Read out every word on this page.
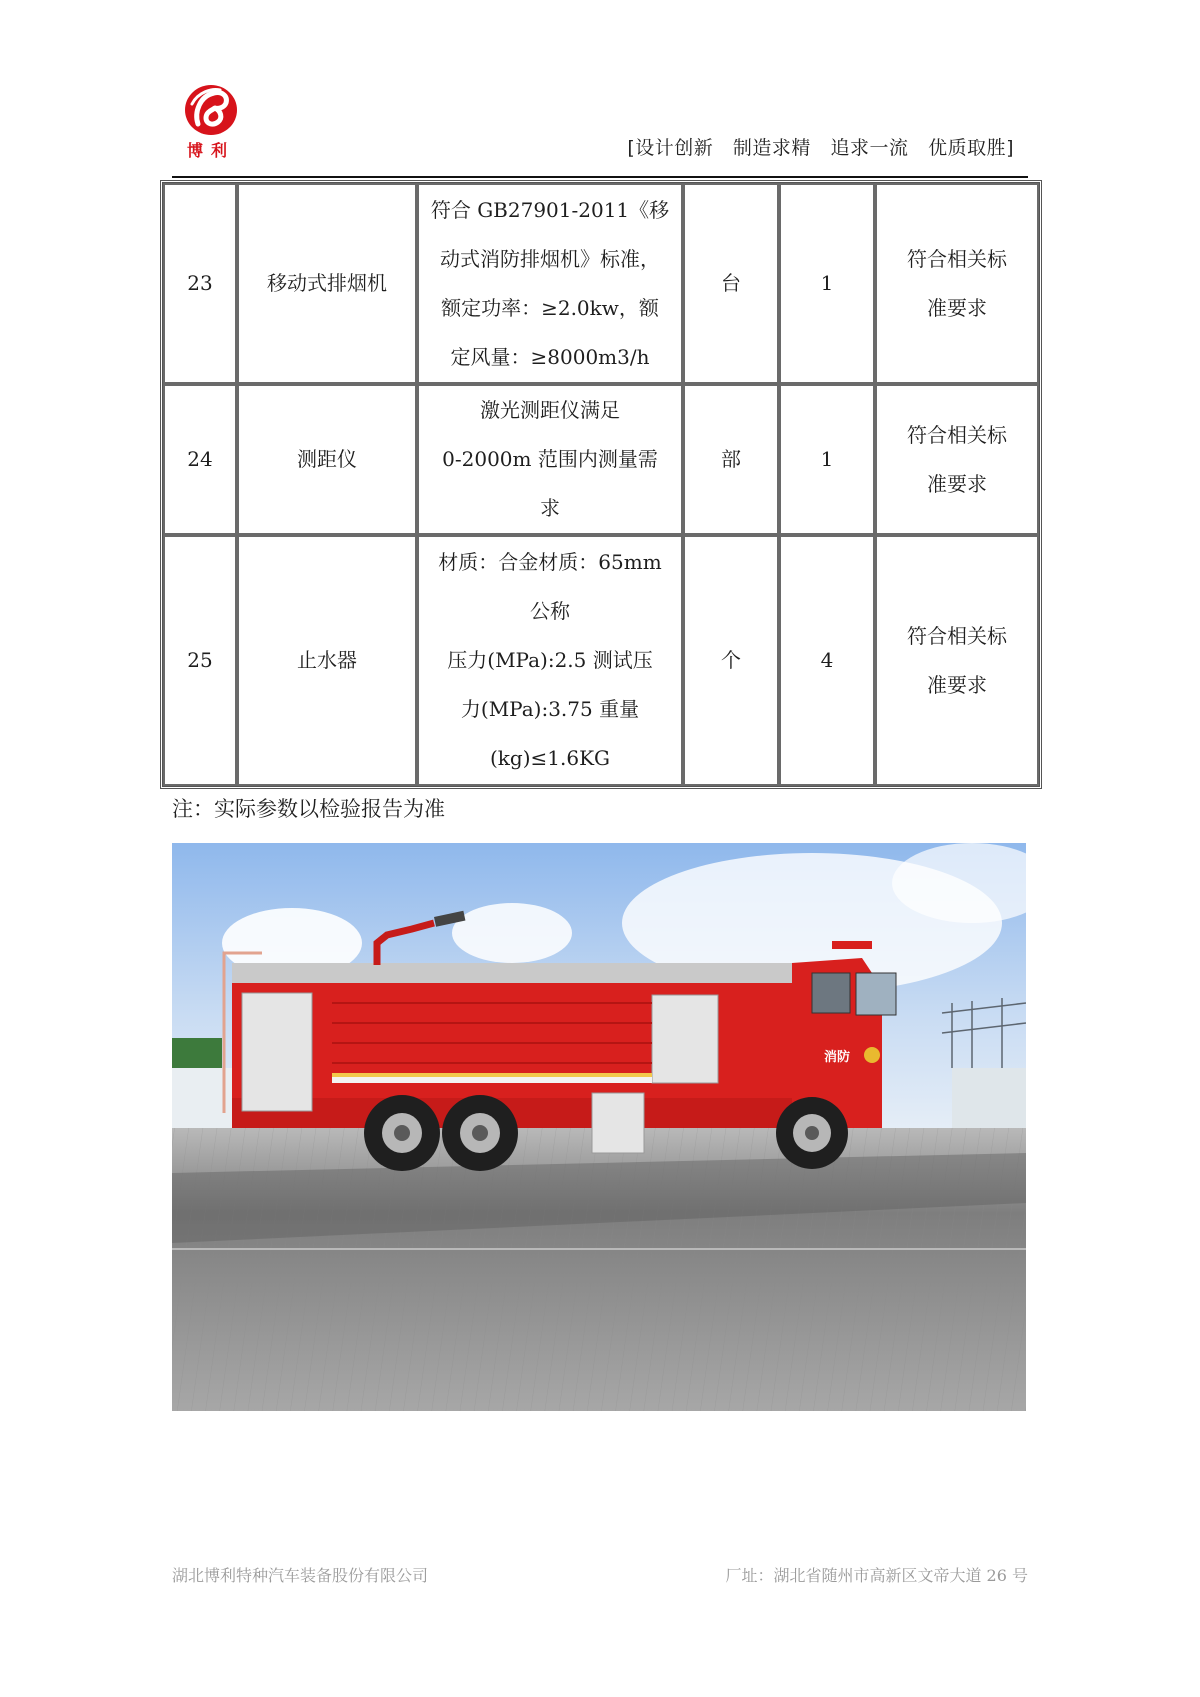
博利	[设计创新   制造求精   追求一流   优质取胜]
23	移动式排烟机	
符合 GB27901-2011《移
动式消防排烟机》标准，
额定功率：≥2.0kw，额
定风量：≥8000m3/h
	台	1	
符合相关标
准要求

24	测距仪	
激光测距仪满足
0-2000m 范围内测量需
求
	部	1	
符合相关标
准要求

25	止水器	
材质：合金材质：65mm
公称
压力(MPa):2.5 测试压
力(MPa):3.75 重量
(kg)≤1.6KG
	个	4	
符合相关标
准要求
注：实际参数以检验报告为准
消防
湖北博利特种汽车装备股份有限公司	厂址：湖北省随州市高新区文帝大道 26 号
